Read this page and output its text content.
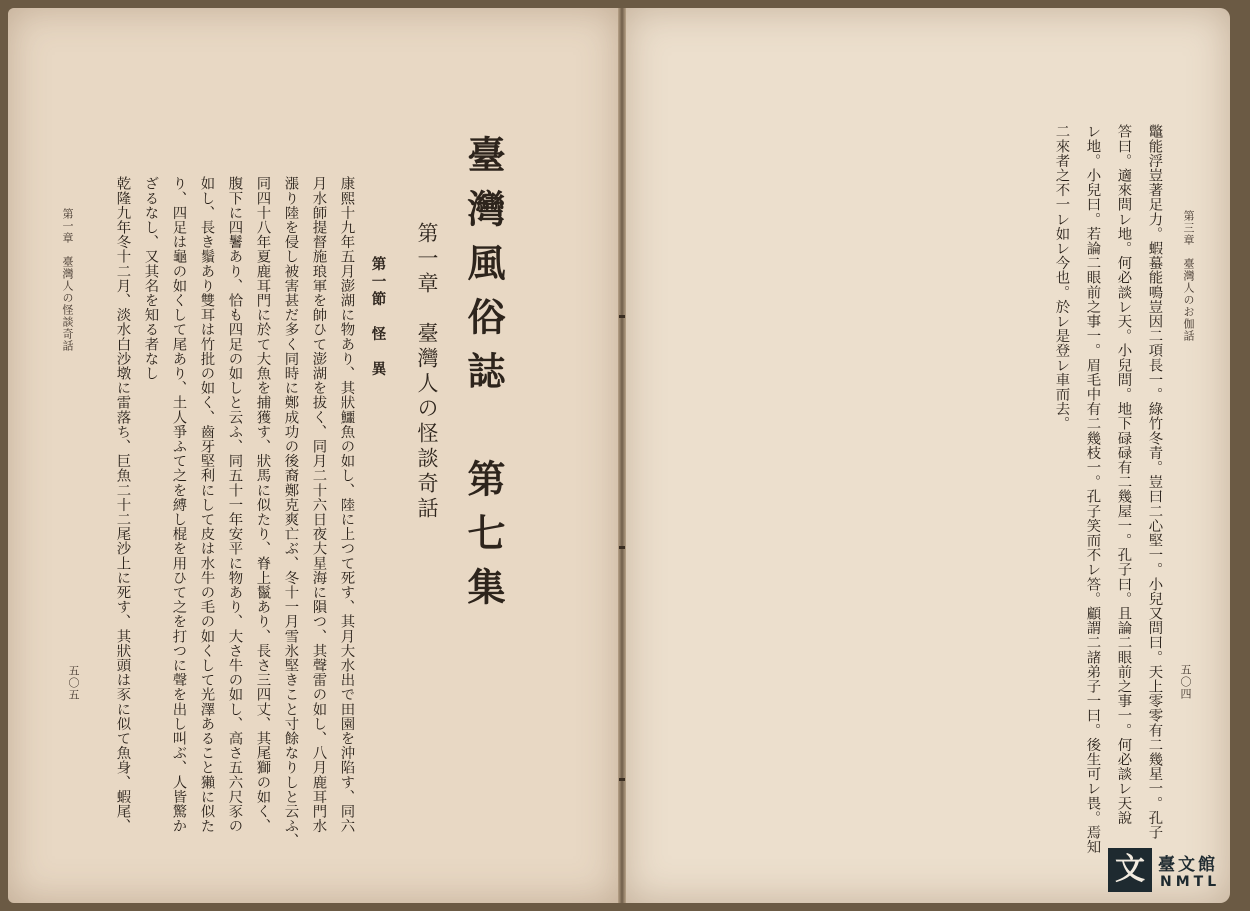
臺灣風俗誌　第七集
第一章　臺灣人の怪談奇話
第一節　怪　異
康熙十九年五月澎湖に物あり、其狀鱷魚の如し、陸に上つて死す、其月大水出で田園を沖陷す、同六
月水師提督施琅軍を帥ひて澎湖を拔く、同月二十六日夜大星海に隕つ、其聲雷の如し、八月鹿耳門水
漲り陸を侵し被害甚だ多く同時に鄭成功の後裔鄭克爽亡ぶ、冬十一月雪氷堅きこと寸餘なりしと云ふ、
同四十八年夏鹿耳門に於て大魚を捕獲す、狀馬に似たり、脊上鬣あり、長さ三四丈、其尾獅の如く、
腹下に四鬐あり、恰も四足の如しと云ふ、同五十一年安平に物あり、大さ牛の如し、高さ五六尺豕の
如し、長き鬚あり雙耳は竹批の如く、齒牙堅利にして皮は水牛の毛の如くして光澤あること獺に似た
り、四足は龜の如くして尾あり、土人爭ふて之を縛し棍を用ひて之を打つに聲を出し叫ぶ、人皆驚か
ざるなし、又其名を知る者なし
乾隆九年冬十二月、淡水白沙墩に雷落ち、巨魚二十二尾沙上に死す、其狀頭は豕に似て魚身、蝦尾、
第一章　臺灣人の怪談奇話
五〇五
第三章　臺灣人のお伽話
五〇四
鼈能浮豈著足力。蝦蟇能鳴豈因二項長一。綠竹冬青。豈曰二心堅一。小兒又問曰。天上零零有二幾星一。孔子
答曰。適來問レ地。何必談レ天。小兒問。地下碌碌有二幾屋一。孔子曰。且論二眼前之事一。何必談レ天說
レ地。小兒曰。若論二眼前之事一。眉毛中有二幾枝一。孔子笑而不レ答。顧謂二諸弟子一曰。後生可レ畏。焉知
二來者之不一レ如レ今也。於レ是登レ車而去。
文 臺文館
NMTL
